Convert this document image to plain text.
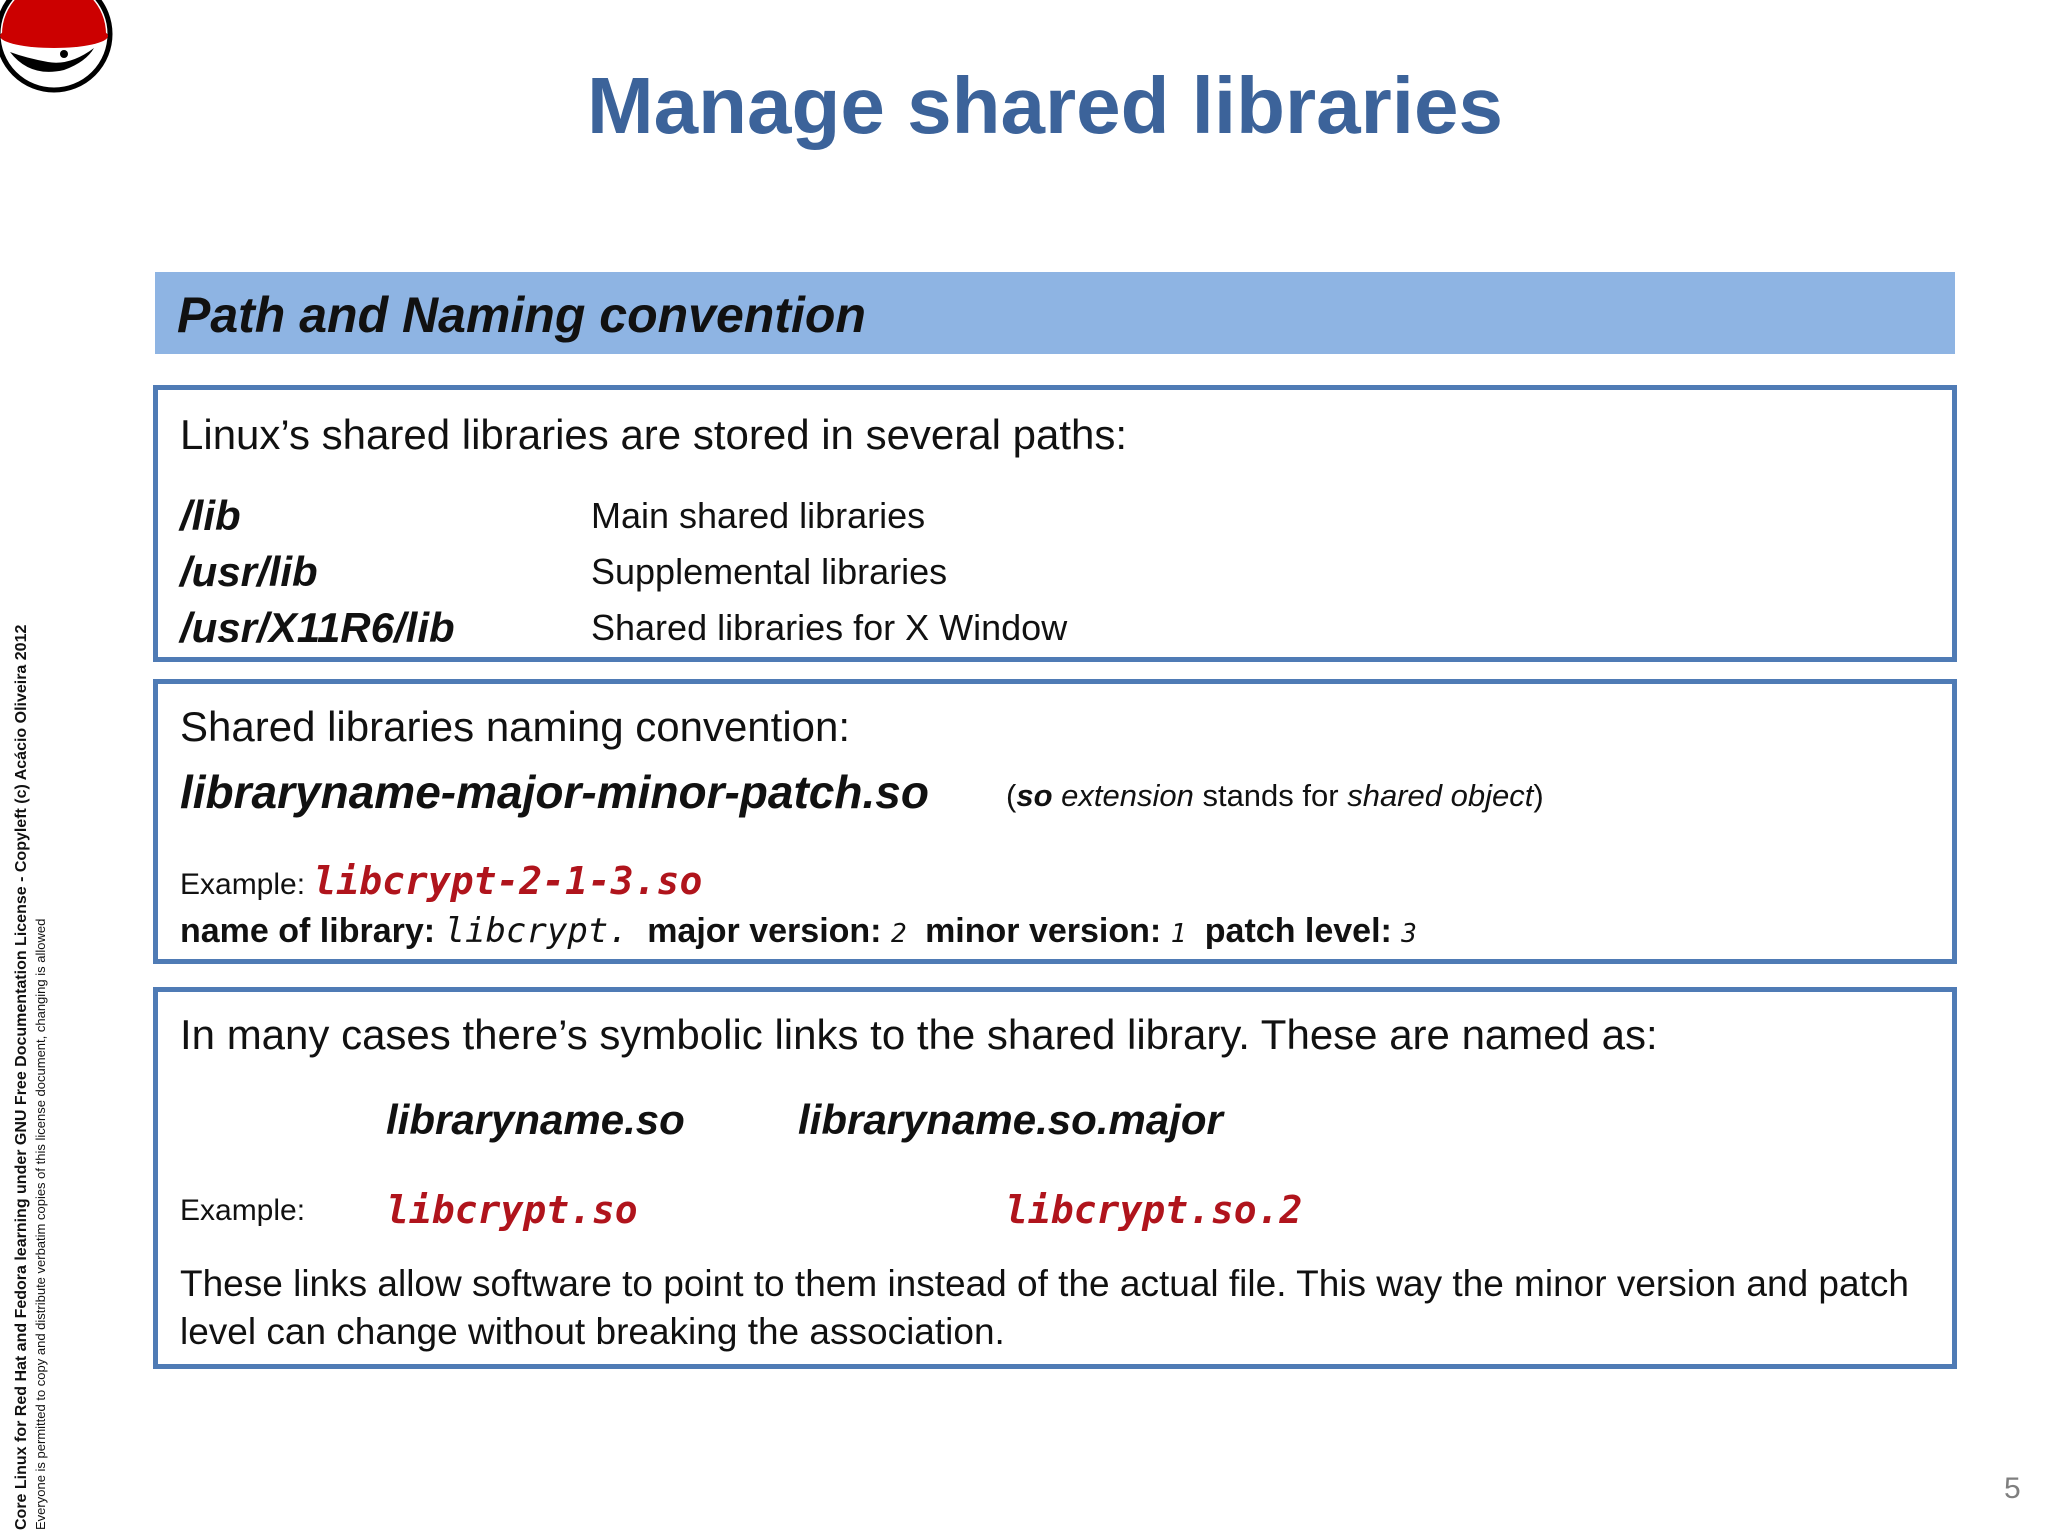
Core Linux for Red Hat and Fedora learning under GNU Free Documentation License - Copyleft (c) Acácio Oliveira 2012 Everyone is permitted to copy and distribute verbatim copies of this license document, changing is allowed
Manage shared libraries
Path and Naming convention
Linux’s shared libraries are stored in several paths:
/lib	Main shared libraries
/usr/lib	Supplemental libraries
/usr/X11R6/lib	Shared libraries for X Window
Shared libraries naming convention:
libraryname-major-minor-patch.so (so extension stands for shared object)
Example: libcrypt-2-1-3.so
name of library: libcrypt. major version: 2 minor version: 1 patch level: 3
In many cases there’s symbolic links to the shared library. These are named as:
libraryname.so	libraryname.so.major
Example: libcrypt.so	libcrypt.so.2
These links allow software to point to them instead of the actual file. This way the minor version and patch
level can change without breaking the association.
5
